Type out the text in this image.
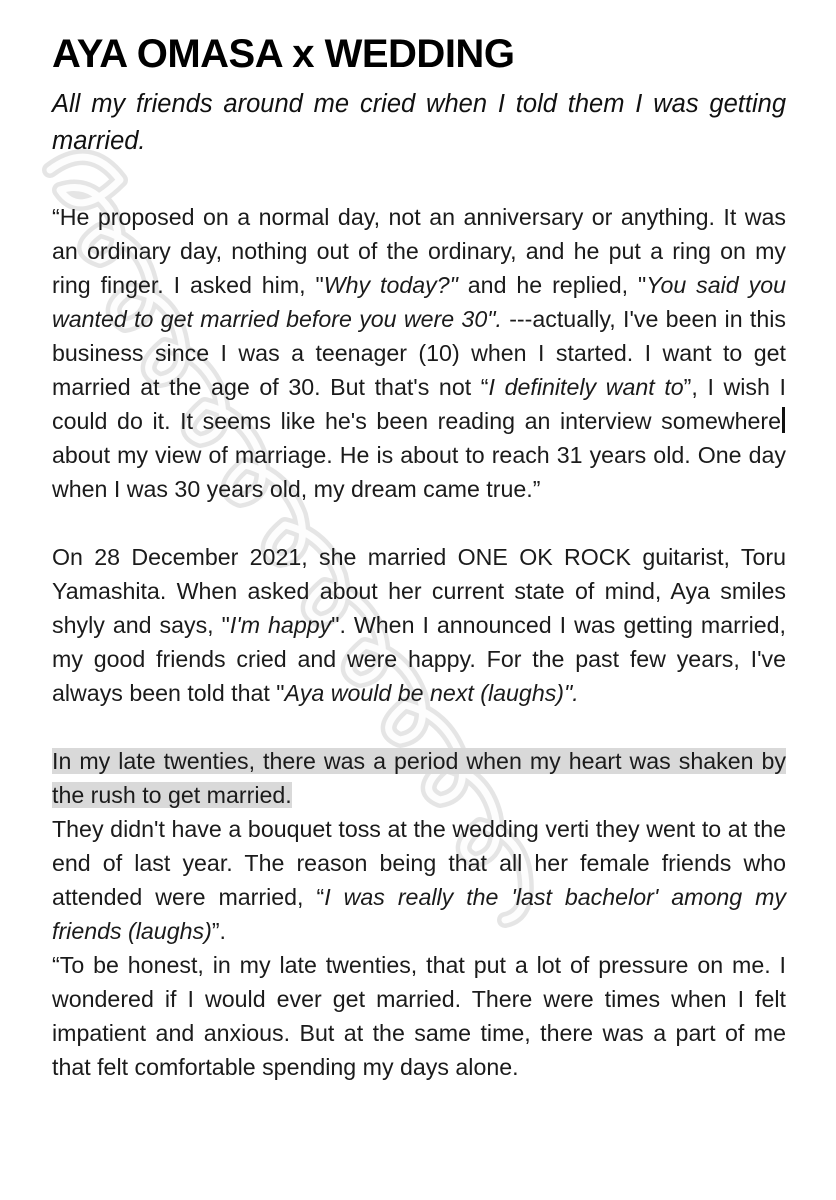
AYA OMASA x WEDDING
All my friends around me cried when I told them I was getting married.

“He proposed on a normal day, not an anniversary or anything. It was an ordinary day, nothing out of the ordinary, and he put a ring on my ring finger. I asked him, "Why today?" and he replied, "You said you wanted to get married before you were 30". ---actually, I've been in this business since I was a teenager (10) when I started. I want to get married at the age of 30. But that's not “I definitely want to”, I wish I could do it. It seems like he's been reading an interview somewhere about my view of marriage. He is about to reach 31 years old. One day when I was 30 years old, my dream came true.”

On 28 December 2021, she married ONE OK ROCK guitarist, Toru Yamashita. When asked about her current state of mind, Aya smiles shyly and says, "I'm happy". When I announced I was getting married, my good friends cried and were happy. For the past few years, I've always been told that "Aya would be next (laughs)".

In my late twenties, there was a period when my heart was shaken by the rush to get married.
They didn't have a bouquet toss at the wedding verti they went to at the end of last year. The reason being that all her female friends who attended were married, “I was really the 'last bachelor' among my friends (laughs)”.

“To be honest, in my late twenties, that put a lot of pressure on me. I wondered if I would ever get married. There were times when I felt impatient and anxious. But at the same time, there was a part of me that felt comfortable spending my days alone.
